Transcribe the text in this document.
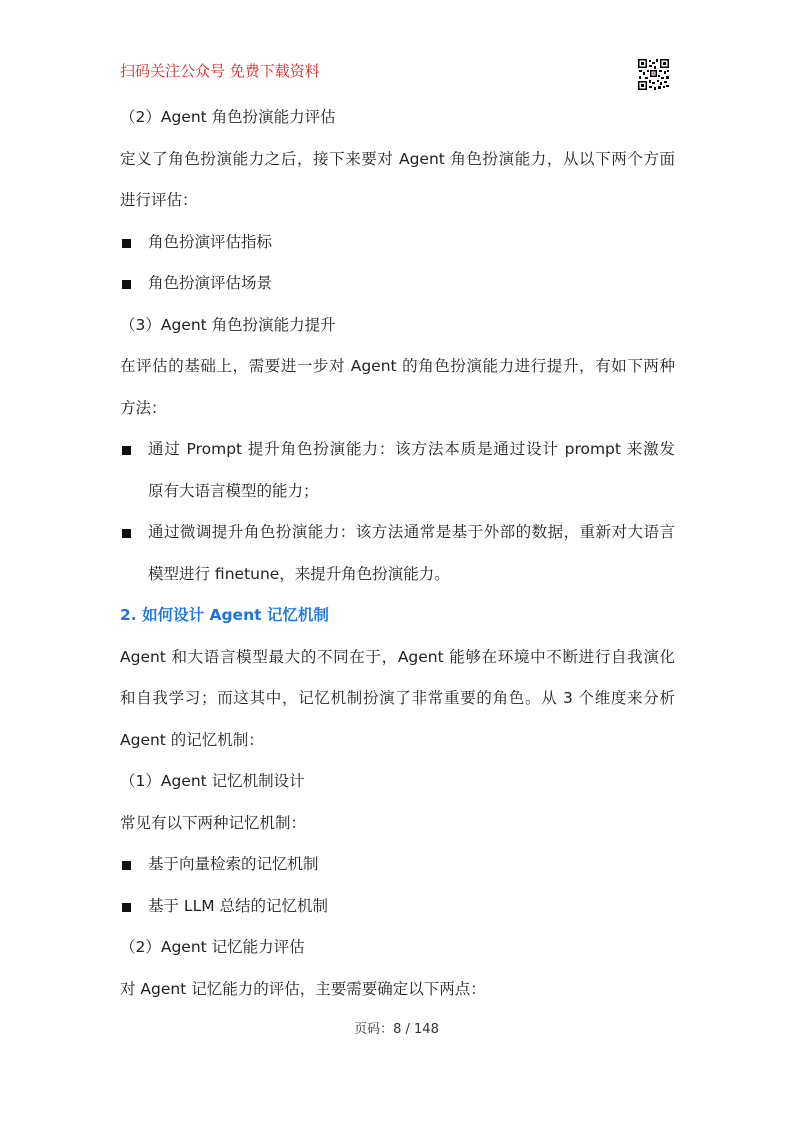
扫码关注公众号 免费下载资料
（2）Agent 角色扮演能力评估
定义了角色扮演能力之后，接下来要对 Agent 角色扮演能力，从以下两个方面
进行评估：
角色扮演评估指标
角色扮演评估场景
（3）Agent 角色扮演能力提升
在评估的基础上，需要进一步对 Agent 的角色扮演能力进行提升，有如下两种
方法：
通过 Prompt 提升角色扮演能力：该方法本质是通过设计 prompt 来激发
原有大语言模型的能力；
通过微调提升角色扮演能力：该方法通常是基于外部的数据，重新对大语言
模型进行 finetune，来提升角色扮演能力。
2. 如何设计 Agent 记忆机制
Agent 和大语言模型最大的不同在于，Agent 能够在环境中不断进行自我演化
和自我学习；而这其中，记忆机制扮演了非常重要的角色。从 3 个维度来分析
Agent 的记忆机制：
（1）Agent 记忆机制设计
常见有以下两种记忆机制：
基于向量检索的记忆机制
基于 LLM 总结的记忆机制
（2）Agent 记忆能力评估
对 Agent 记忆能力的评估，主要需要确定以下两点：
页码：8 / 148
